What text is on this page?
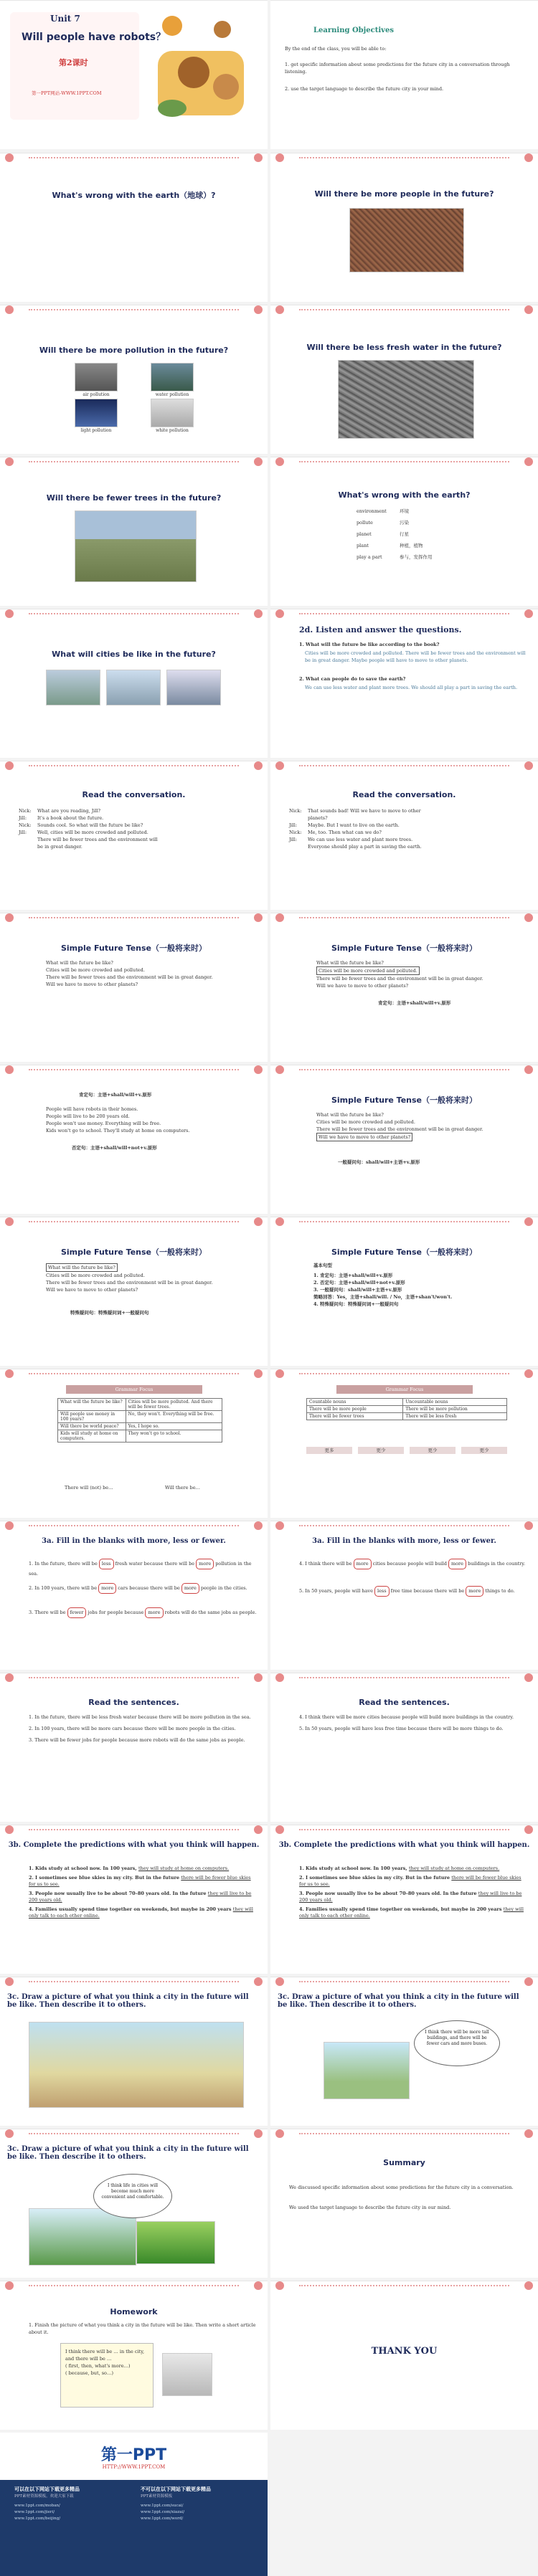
Unit 7
Will people have robots？
第2课时
第一PPT网站-WWW.1PPT.COM
Learning Objectives
By the end of the class, you will be able to:
1. get specific information about some predictions for the future city in a conversation through listening.
2. use the target language to describe the future city in your mind.
What's wrong with the earth（地球）?	Will there be more people in the future?
Will there be more pollution in the future?
air pollution	water pollution
light pollution	white pollution
Will there be less fresh water in the future?
Will there be fewer trees in the future?	What's wrong with the earth?
environment	环境
pollute	污染
planet	行星
plant	种植，植物
play a part	参与，发挥作用
What will cities be like in the future?
2d. Listen and answer the questions.
1. What will the future be like according to the book?
Cities will be more crowded and polluted. There will be fewer trees and the environment will be in great danger. Maybe people will have to move to other planets.
2. What can people do to save the earth?
We can use less water and plant more trees. We should all play a part in saving the earth.
Read the conversation.
Nick: What are you reading, Jill?
Jill: It's a book about the future.
Nick: Sounds cool. So what will the future be like?
Jill: Well, cities will be more crowded and polluted.
There will be fewer trees and the environment will
be in great danger.
Read the conversation.
Nick: That sounds bad! Will we have to move to other
planets?
Jill: Maybe. But I want to live on the earth.
Nick: Me, too. Then what can we do?
Jill: We can use less water and plant more trees.
Everyone should play a part in saving the earth.
Simple Future Tense（一般将来时）
What will the future be like?
Cities will be more crowded and polluted.
There will be fewer trees and the environment will be in great danger.
Will we have to move to other planets?
Simple Future Tense（一般将来时）
What will the future be like?
Cities will be more crowded and polluted.
There will be fewer trees and the environment will be in great danger.
Will we have to move to other planets?
肯定句：主语+shall/will+v.原形
肯定句：主语+shall/will+v.原形
People will have robots in their homes.
People will live to be 200 years old.
People won't use money. Everything will be free.
Kids won't go to school. They'll study at home on computers.
否定句：主语+shall/will+not+v.原形
Simple Future Tense（一般将来时）
What will the future be like?
Cities will be more crowded and polluted.
There will be fewer trees and the environment will be in great danger.
Will we have to move to other planets?
一般疑问句：shall/will+主语+v.原形
Simple Future Tense（一般将来时）
What will the future be like?
Cities will be more crowded and polluted.
There will be fewer trees and the environment will be in great danger.
Will we have to move to other planets?
特殊疑问句：特殊疑问词+一般疑问句
Simple Future Tense（一般将来时）
基本句型
1. 肯定句：主语+shall/will+v.原形
2. 否定句：主语+shall/will+not+v.原形
3. 一般疑问句：shall/will+主语+v.原形
简略回答：Yes，主语+shall/will. / No，主语+shan't/won't.
4. 特殊疑问句：特殊疑问词+一般疑问句
Grammar Focus
What will the future be like?	Cities will be more polluted. And there will be fewer trees.
Will people use money in 100 years?	No, they won't. Everything will be free.
Will there be world peace?	Yes, I hope so.
Kids will study at home on computers.	They won't go to school.
There will (not) be…	Will there be…
Grammar Focus
Countable nouns	Uncountable nouns
There will be more people	There will be more pollution
There will be fewer trees	There will be less fresh
更多	更少	更少	更少
3a. Fill in the blanks with more, less or fewer.
1. In the future, there will be less fresh water because there will be more pollution in the sea.
2. In 100 years, there will be more cars because there will be more people in the cities.
3. There will be fewer jobs for people because more robots will do the same jobs as people.
3a. Fill in the blanks with more, less or fewer.
4. I think there will be more cities because people will build more buildings in the country.
5. In 50 years, people will have less free time because there will be more things to do.
Read the sentences.
1. In the future, there will be less fresh water because there will be more pollution in the sea.
2. In 100 years, there will be more cars because there will be more people in the cities.
3. There will be fewer jobs for people because more robots will do the same jobs as people.
Read the sentences.
4. I think there will be more cities because people will build more buildings in the country.
5. In 50 years, people will have less free time because there will be more things to do.
3b. Complete the predictions with what you think will happen.
1. Kids study at school now. In 100 years, they will study at home on computers.
2. I sometimes see blue skies in my city. But in the future there will be fewer blue skies for us to see.
3. People now usually live to be about 70–80 years old. In the future they will live to be 200 years old.
4. Families usually spend time together on weekends, but maybe in 200 years they will only talk to each other online.
3b. Complete the predictions with what you think will happen.
1. Kids study at school now. In 100 years, they will study at home on computers.
2. I sometimes see blue skies in my city. But in the future there will be fewer blue skies for us to see.
3. People now usually live to be about 70–80 years old. In the future they will live to be 200 years old.
4. Families usually spend time together on weekends, but maybe in 200 years they will only talk to each other online.
3c. Draw a picture of what you think a city in the future will be like. Then describe it to others.
3c. Draw a picture of what you think a city in the future will be like. Then describe it to others.
I think there will be more tall buildings, and there will be fewer cars and more buses.
3c. Draw a picture of what you think a city in the future will be like. Then describe it to others.
I think life in cities will become much more convenient and comfortable.
Summary
We discussed specific information about some predictions for the future city in a conversation.
We used the target language to describe the future city in our mind.
Homework
1. Finish the picture of what you think a city in the future will be like. Then write a short article about it.
I think there will be … in the city,
and there will be …
( first, then, what's more…)
( because, but, so…)
THANK YOU
第一PPT
HTTP://WWW.1PPT.COM
可以在以下网站下载更多精品
PPT素材资源模板，欢迎大家下载
不可以在以下网站下载更多精品
PPT素材资源模板
www.1ppt.com/moban/
www.1ppt.com/jieri/
www.1ppt.com/beijing/
www.1ppt.com/sucai/
www.1ppt.com/xiazai/
www.1ppt.com/word/
